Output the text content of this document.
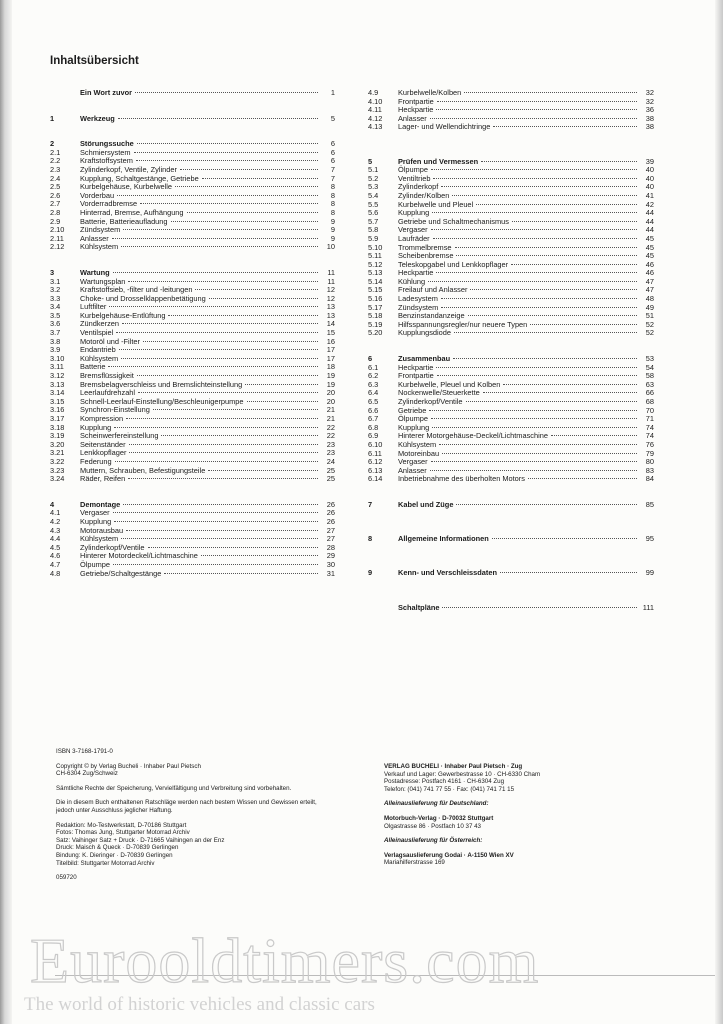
Inhaltsübersicht
Ein Wort zuvor	1
1	Werkzeug	5
2	Störungssuche	6
2.1	Schmiersystem	6
2.2	Kraftstoffsystem	6
2.3	Zylinderkopf, Ventile, Zylinder	7
2.4	Kupplung, Schaltgestänge, Getriebe	7
2.5	Kurbelgehäuse, Kurbelwelle	8
2.6	Vorderbau	8
2.7	Vorderradbremse	8
2.8	Hinterrad, Bremse, Aufhängung	8
2.9	Batterie, Batterieaufladung	9
2.10	Zündsystem	9
2.11	Anlasser	9
2.12	Kühlsystem	10
3	Wartung	11
3.1	Wartungsplan	11
3.2	Kraftstoffsieb, -filter und -leitungen	12
3.3	Choke- und Drosselklappenbetätigung	12
3.4	Luftfilter	13
3.5	Kurbelgehäuse-Entlüftung	13
3.6	Zündkerzen	14
3.7	Ventilspiel	15
3.8	Motoröl und -Filter	16
3.9	Endantrieb	17
3.10	Kühlsystem	17
3.11	Batterie	18
3.12	Bremsflüssigkeit	19
3.13	Bremsbelagverschleiss und Bremslichteinstellung	19
3.14	Leerlaufdrehzahl	20
3.15	Schnell-Leerlauf-Einstellung/Beschleunigerpumpe	20
3.16	Synchron-Einstellung	21
3.17	Kompression	21
3.18	Kupplung	22
3.19	Scheinwerfereinstellung	22
3.20	Seitenständer	23
3.21	Lenkkopflager	23
3.22	Federung	24
3.23	Muttern, Schrauben, Befestigungsteile	25
3.24	Räder, Reifen	25
4	Demontage	26
4.1	Vergaser	26
4.2	Kupplung	26
4.3	Motorausbau	27
4.4	Kühlsystem	27
4.5	Zylinderkopf/Ventile	28
4.6	Hinterer Motordeckel/Lichtmaschine	29
4.7	Ölpumpe	30
4.8	Getriebe/Schaltgestänge	31
4.9	Kurbelwelle/Kolben	32
4.10	Frontpartie	32
4.11	Heckpartie	36
4.12	Anlasser	38
4.13	Lager- und Wellendichtringe	38
5	Prüfen und Vermessen	39
5.1	Ölpumpe	40
5.2	Ventiltrieb	40
5.3	Zylinderkopf	40
5.4	Zylinder/Kolben	41
5.5	Kurbelwelle und Pleuel	42
5.6	Kupplung	44
5.7	Getriebe und Schaltmechanismus	44
5.8	Vergaser	44
5.9	Laufräder	45
5.10	Trommelbremse	45
5.11	Scheibenbremse	45
5.12	Teleskopgabel und Lenkkopflager	46
5.13	Heckpartie	46
5.14	Kühlung	47
5.15	Freilauf und Anlasser	47
5.16	Ladesystem	48
5.17	Zündsystem	49
5.18	Benzinstandanzeige	51
5.19	Hilfsspannungsregler/nur neuere Typen	52
5.20	Kupplungsdiode	52
6	Zusammenbau	53
6.1	Heckpartie	54
6.2	Frontpartie	58
6.3	Kurbelwelle, Pleuel und Kolben	63
6.4	Nockenwelle/Steuerkette	66
6.5	Zylinderkopf/Ventile	68
6.6	Getriebe	70
6.7	Ölpumpe	71
6.8	Kupplung	74
6.9	Hinterer Motorgehäuse-Deckel/Lichtmaschine	74
6.10	Kühlsystem	76
6.11	Motoreinbau	79
6.12	Vergaser	80
6.13	Anlasser	83
6.14	Inbetriebnahme des überholten Motors	84
7	Kabel und Züge	85
8	Allgemeine Informationen	95
9	Kenn- und Verschleissdaten	99
Schaltpläne	111

ISBN 3-7168-1791-0

Copyright © by Verlag Bucheli · Inhaber Paul Pietsch

CH-6304 Zug/Schweiz

Sämtliche Rechte der Speicherung, Vervielfältigung und Verbreitung sind vorbehalten.

Die in diesem Buch enthaltenen Ratschläge werden nach bestem Wissen und Gewissen erteilt,

jedoch unter Ausschluss jeglicher Haftung.

Redaktion: Mo-Testwerkstatt, D-70186 Stuttgart

Fotos: Thomas Jung, Stuttgarter Motorrad Archiv

Satz: Vaihinger Satz + Druck · D-71665 Vaihingen an der Enz

Druck: Maisch & Queck · D-70839 Gerlingen

Bindung: K. Dieringer · D-70839 Gerlingen

Titelbild: Stuttgarter Motorrad Archiv

059720

VERLAG BUCHELI · Inhaber Paul Pietsch · Zug

Verkauf und Lager: Gewerbestrasse 10 · CH-6330 Cham

Postadresse: Postfach 4161 · CH-6304 Zug

Telefon: (041) 741 77 55 · Fax: (041) 741 71 15

Alleinauslieferung für Deutschland:

Motorbuch-Verlag · D-70032 Stuttgart

Olgastrasse 86 · Postfach 10 37 43

Alleinauslieferung für Österreich:

Verlagsauslieferung Godai · A-1150 Wien XV

Mariahilferstrasse 169

Eurooldtimers.com
The world of historic vehicles and classic cars
